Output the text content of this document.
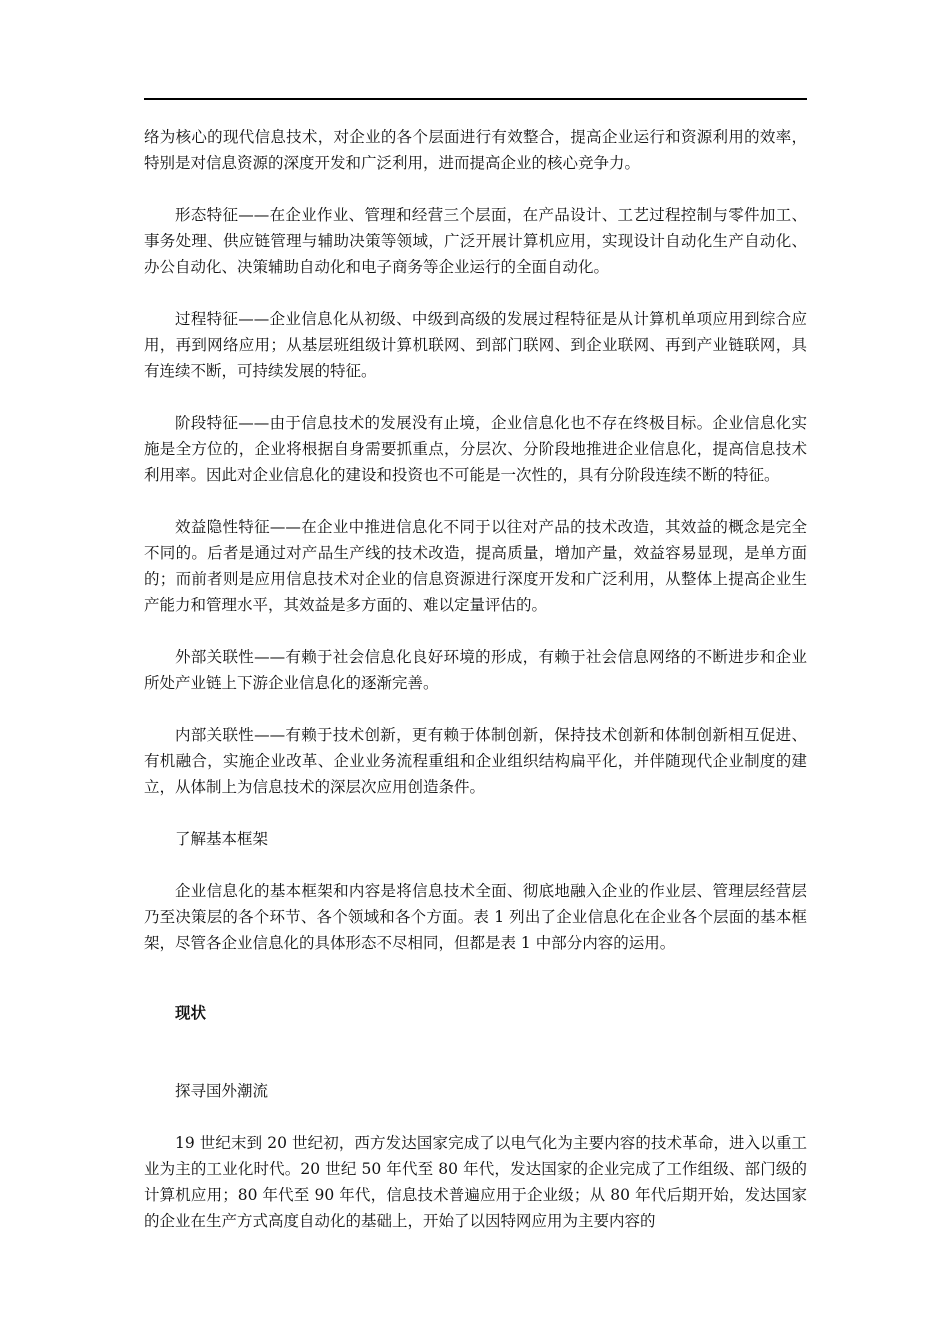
络为核心的现代信息技术，对企业的各个层面进行有效整合，提高企业运行和资源利用的效率，特别是对信息资源的深度开发和广泛利用，进而提高企业的核心竞争力。

形态特征——在企业作业、管理和经营三个层面，在产品设计、工艺过程控制与零件加工、事务处理、供应链管理与辅助决策等领域，广泛开展计算机应用，实现设计自动化生产自动化、办公自动化、决策辅助自动化和电子商务等企业运行的全面自动化。

过程特征——企业信息化从初级、中级到高级的发展过程特征是从计算机单项应用到综合应用，再到网络应用；从基层班组级计算机联网、到部门联网、到企业联网、再到产业链联网，具有连续不断，可持续发展的特征。

阶段特征——由于信息技术的发展没有止境，企业信息化也不存在终极目标。企业信息化实施是全方位的，企业将根据自身需要抓重点，分层次、分阶段地推进企业信息化，提高信息技术利用率。因此对企业信息化的建设和投资也不可能是一次性的，具有分阶段连续不断的特征。

效益隐性特征——在企业中推进信息化不同于以往对产品的技术改造，其效益的概念是完全不同的。后者是通过对产品生产线的技术改造，提高质量，增加产量，效益容易显现，是单方面的；而前者则是应用信息技术对企业的信息资源进行深度开发和广泛利用，从整体上提高企业生产能力和管理水平，其效益是多方面的、难以定量评估的。

外部关联性——有赖于社会信息化良好环境的形成，有赖于社会信息网络的不断进步和企业所处产业链上下游企业信息化的逐渐完善。

内部关联性——有赖于技术创新，更有赖于体制创新，保持技术创新和体制创新相互促进、有机融合，实施企业改革、企业业务流程重组和企业组织结构扁平化，并伴随现代企业制度的建立，从体制上为信息技术的深层次应用创造条件。

了解基本框架

企业信息化的基本框架和内容是将信息技术全面、彻底地融入企业的作业层、管理层经营层乃至决策层的各个环节、各个领域和各个方面。表 1 列出了企业信息化在企业各个层面的基本框架，尽管各企业信息化的具体形态不尽相同，但都是表 1 中部分内容的运用。

现状

探寻国外潮流

19 世纪末到 20 世纪初，西方发达国家完成了以电气化为主要内容的技术革命，进入以重工业为主的工业化时代。20 世纪 50 年代至 80 年代，发达国家的企业完成了工作组级、部门级的计算机应用；80 年代至 90 年代，信息技术普遍应用于企业级；从 80 年代后期开始，发达国家的企业在生产方式高度自动化的基础上，开始了以因特网应用为主要内容的
